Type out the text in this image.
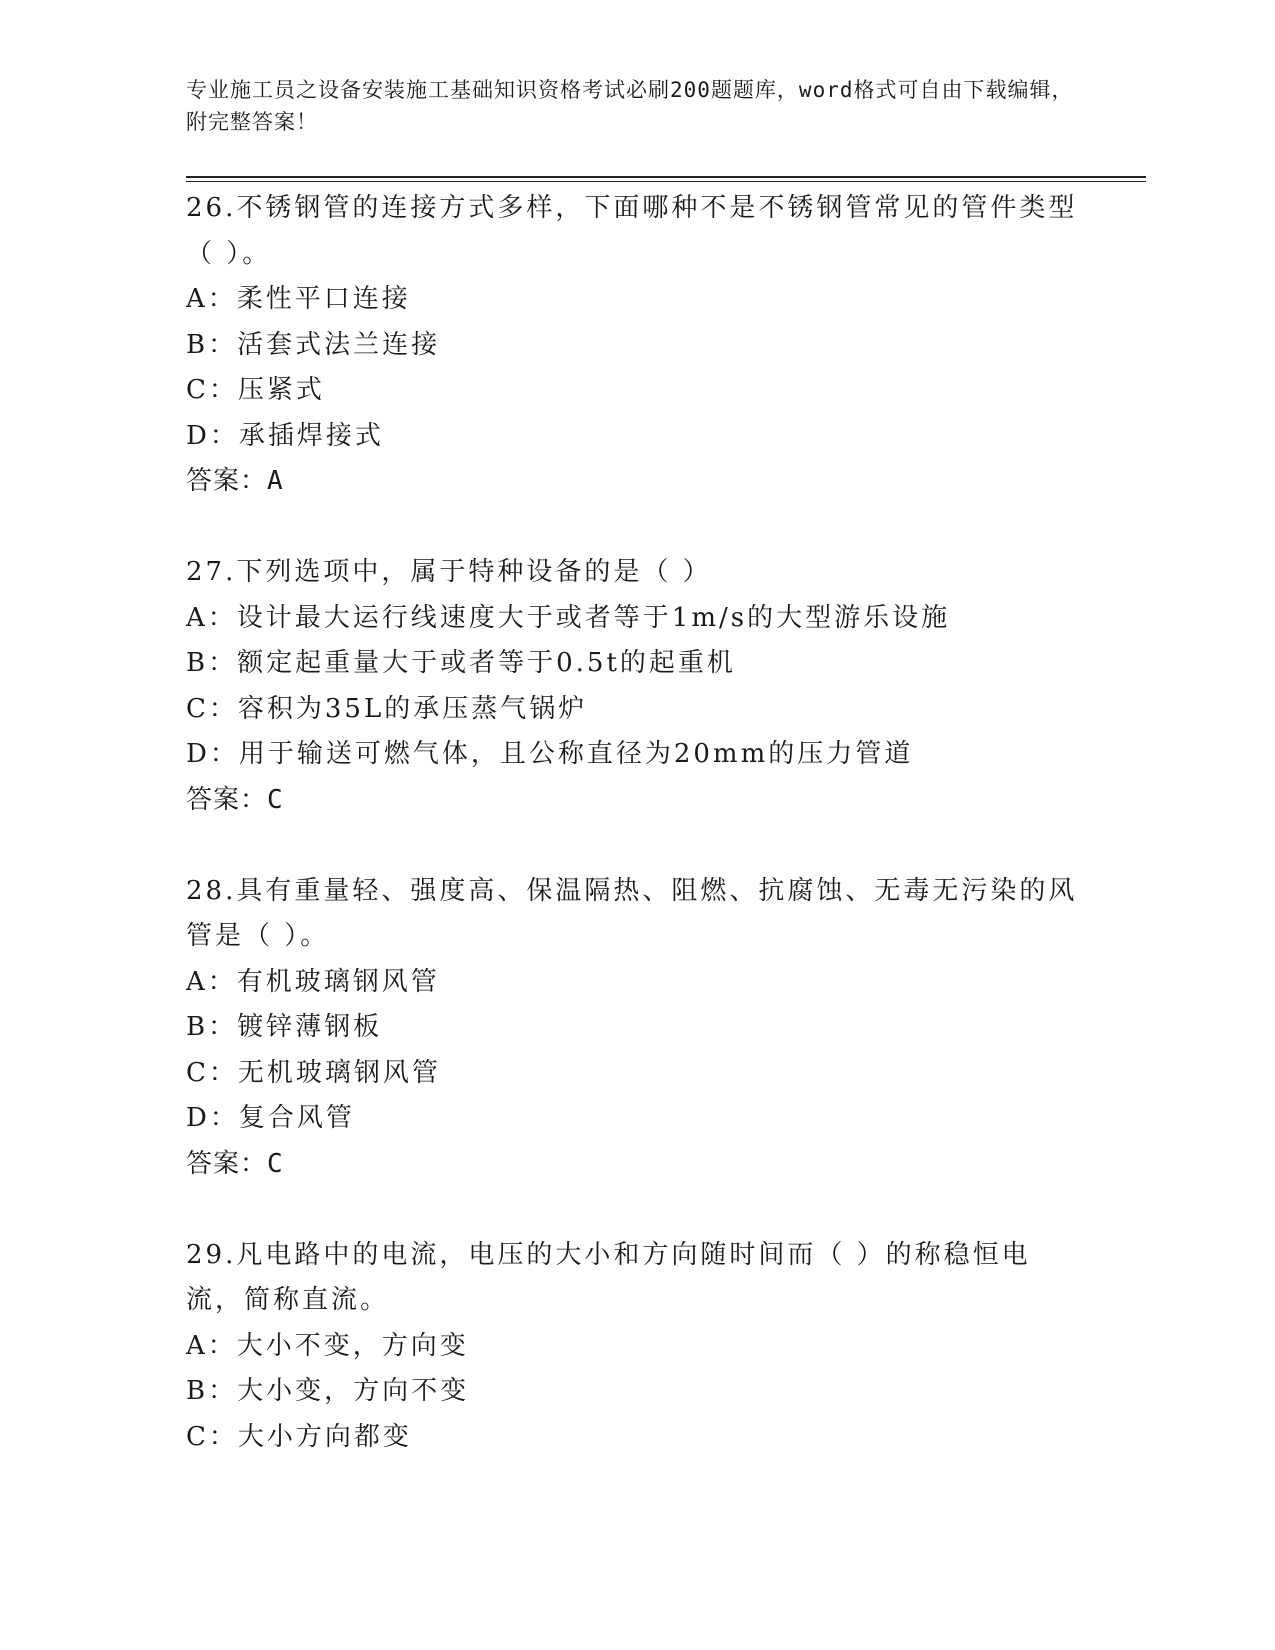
专业施工员之设备安装施工基础知识资格考试必刷200题题库，word格式可自由下载编辑，附完整答案！

26.不锈钢管的连接方式多样，下面哪种不是不锈钢管常见的管件类型（ ）。

A：柔性平口连接

B：活套式法兰连接

C：压紧式

D：承插焊接式

答案：A

27.下列选项中，属于特种设备的是（ ）

A：设计最大运行线速度大于或者等于1m/s的大型游乐设施

B：额定起重量大于或者等于0.5t的起重机

C：容积为35L的承压蒸气锅炉

D：用于输送可燃气体，且公称直径为20mm的压力管道

答案：C

28.具有重量轻、强度高、保温隔热、阻燃、抗腐蚀、无毒无污染的风管是（ ）。

A：有机玻璃钢风管

B：镀锌薄钢板

C：无机玻璃钢风管

D：复合风管

答案：C

29.凡电路中的电流，电压的大小和方向随时间而（ ）的称稳恒电流，简称直流。

A：大小不变，方向变

B：大小变，方向不变

C：大小方向都变
